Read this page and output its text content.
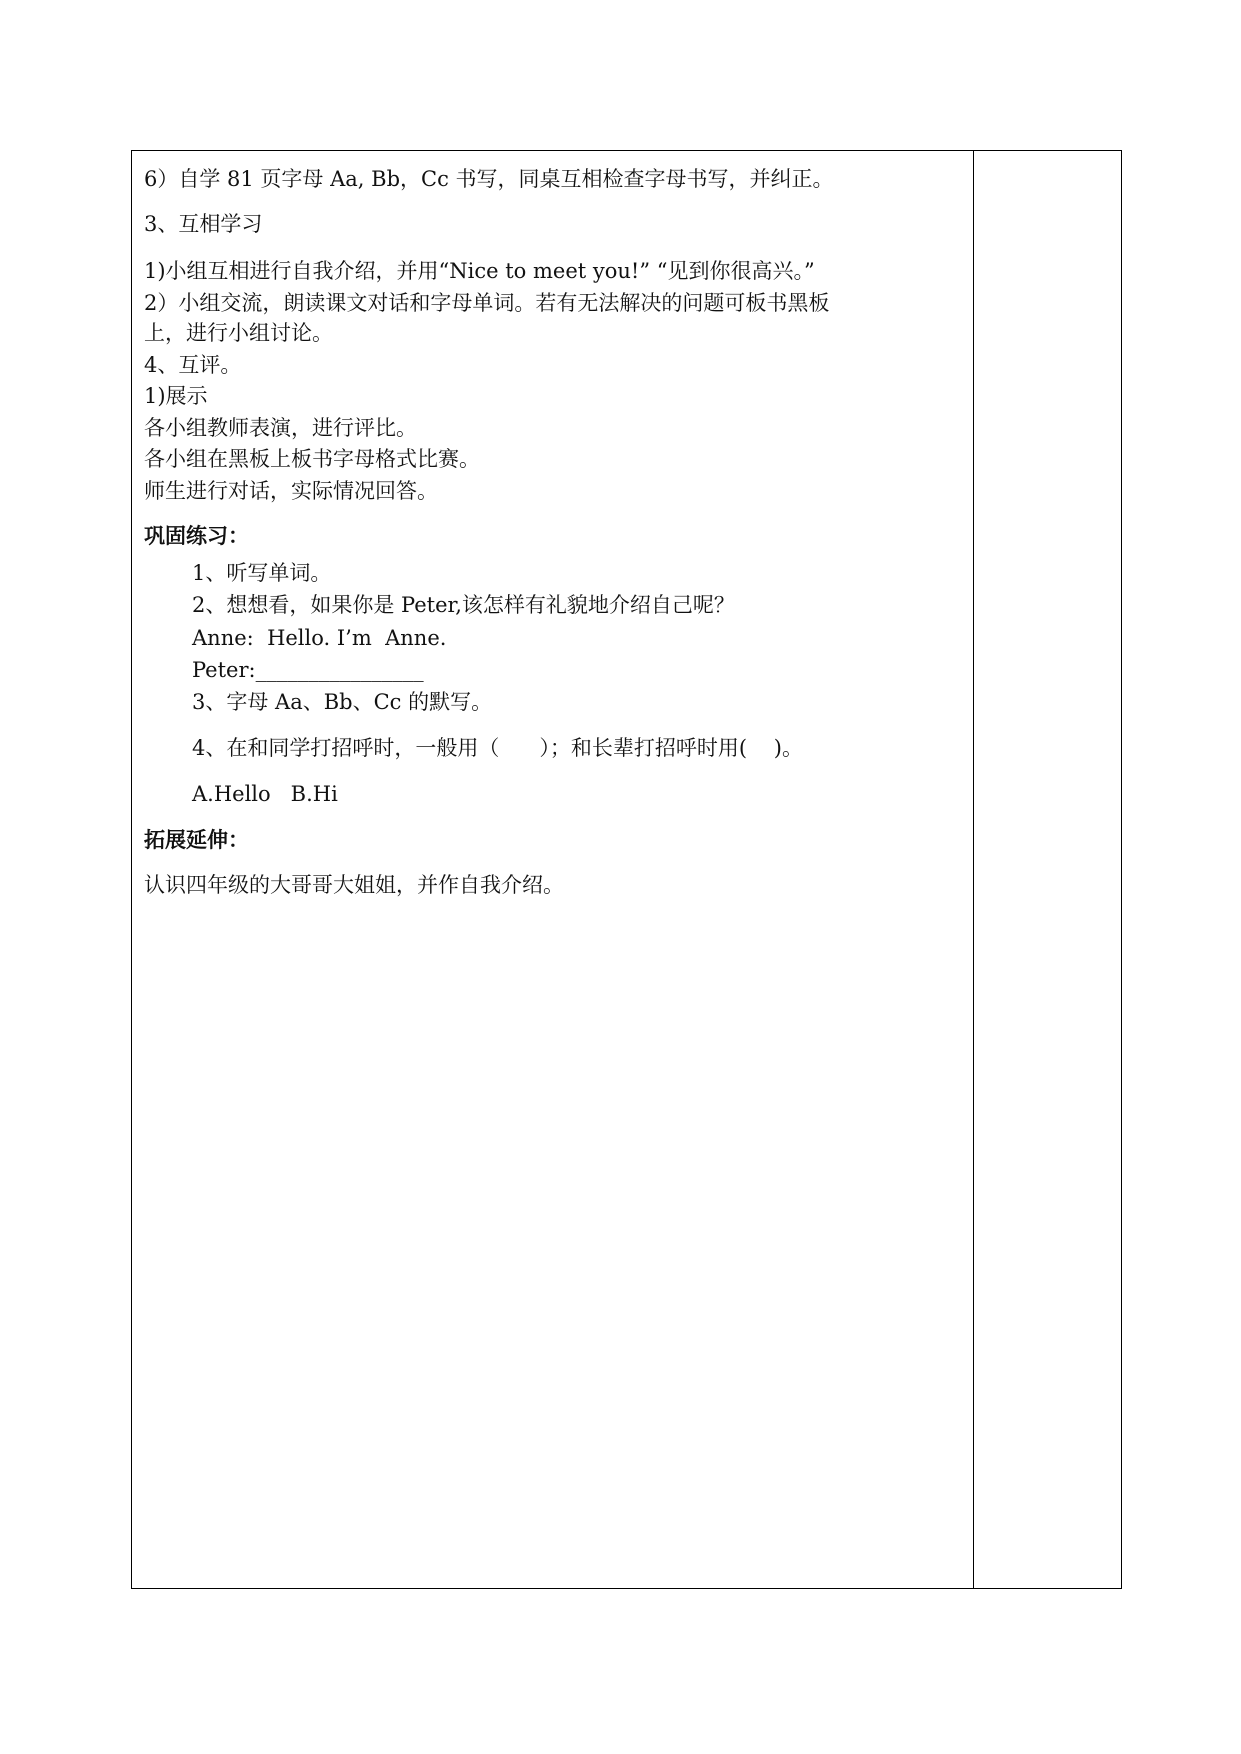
6）自学 81 页字母 Aa, Bb，Cc 书写，同桌互相检查字母书写，并纠正。
3、互相学习
1)小组互相进行自我介绍，并用“Nice to meet you!” “见到你很高兴。”
2）小组交流，朗读课文对话和字母单词。若有无法解决的问题可板书黑板
上，进行小组讨论。
4、互评。
1)展示
各小组教师表演，进行评比。
各小组在黑板上板书字母格式比赛。
师生进行对话，实际情况回答。
巩固练习：
1、听写单词。
2、想想看，如果你是 Peter,该怎样有礼貌地介绍自己呢？
Anne:  Hello. I’m  Anne.
Peter:________________
3、字母 Aa、Bb、Cc 的默写。
4、在和同学打招呼时，一般用（      ）；和长辈打招呼时用(    )。
A.Hello   B.Hi
拓展延伸：
认识四年级的大哥哥大姐姐，并作自我介绍。
